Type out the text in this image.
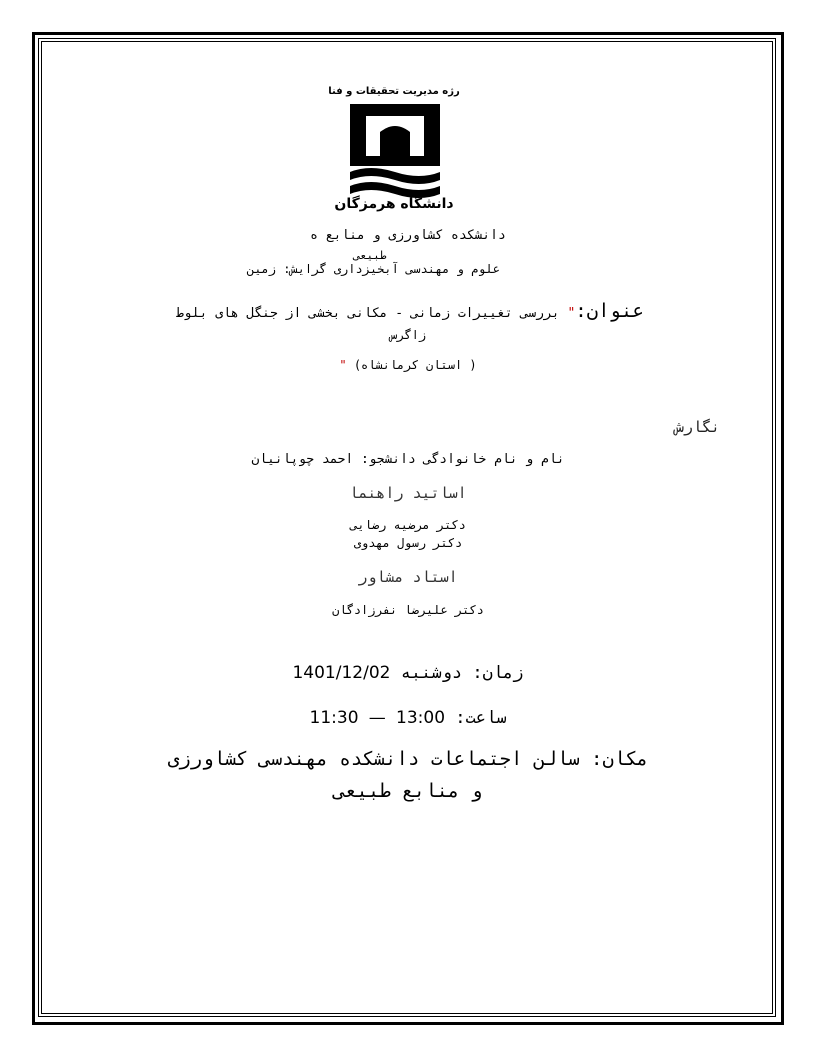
رژه مدیریت تحقیقات و فنا
دانشگاه هرمزگان
دانشکده کشاورزی و منابع ه
طبیعی
علوم و مهندسی آبخیزداری گرایش: زمین
عنوان:" بررسی تغییرات زمانی - مکانی بخشی از جنگل های بلوط
زاگرس
( استان کرمانشاه) "
نگارش
نام و نام خانوادگی دانشجو: احمد چوپانیان
اساتید راهنما
دکتر مرضیه رضایی
دکتر رسول مهدوی
استاد مشاور
دکتر علیرضا نفرزادگان
زمان: دوشنبه 1401/12/02
ساعت: 13:00 — 11:30
مکان: سالن اجتماعات دانشکده مهندسی کشاورزی
و منابع طبیعی
